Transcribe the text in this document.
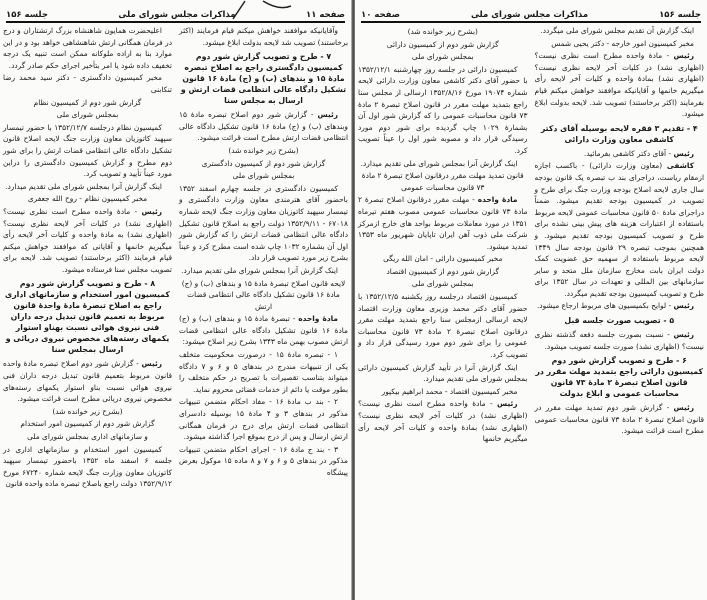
صفحه ۱۱
مذاکرات مجلس شورای ملی
جلسه ۱۵۶

وآقایانیکه موافقند خواهش میکنم قیام فرمایند (اکثر برخاستند) تصویب شد لایحه بدولت ابلاغ میشود.

۷ - طرح و تصویب گزارش شور دوم کمیسیون دادگستری راجع به اصلاح تبصره مادهٔ ۱۵ و بندهای (ب) و (ج) مادهٔ ۱۶ قانون تشکیل دادگاه عالی انتظامی قضات ارتش و ارسال به مجلس سنا

رئیس - گزارش شور دوم اصلاح تبصره مادهٔ ۱۵ وبندهای (ب) و (ج) مادهٔ ۱۶ قانون تشکیل دادگاه عالی انتظامی قضات ارتش مطرح است قرائت میشود.

(بشرح زیر خوانده شد)

گزارش شور دوم از کمیسیون دادگستری

بمجلس شورای ملی

کمیسیون دادگستری در جلسه چهارم اسفند ۱۳۵۲ باحضور آقای هترمندی معاون وزارت دادگستری و تیمسار سپهبد کاتوزیان معاون وزارت جنگ لایحه شماره ۶۷۰۱۸ - ۱۳۵۲/۹/۱۱ دولت راجع به اصلاح قانون تشکیل دادگاه عالی انتظامی قضات ارتش را که گزارش شور اول آن بشماره ۱۰۳۲ چاپ شده است مطرح کرد و عیناً بشرح زیر مورد تصویب قرار داد.

اینک گزارش آنرا بمجلس شورای ملی تقدیم میدارد.

لایحه قانون اصلاح تبصرهٔ مادهٔ ۱۵ و بندهای (ب) و (ج) مادهٔ ۱۶ قانون تشکیل دادگاه عالی انتظامی قضات ارتش

مادهٔ واحده - تبصرهٔ مادهٔ ۱۵ و بندهای (ب) و (ج) مادهٔ ۱۶ قانون تشکیل دادگاه عالی انتظامی قضات ارتش مصوب بهمن ماه ۱۳۴۳ بشرح زیر اصلاح میشود:

۱ - تبصره مادهٔ ۱۵ - درصورت محکومیت متخلف یکی از تنبیهات مندرج در بندهای ۵ و ۶ و ۷ دادگاه میتواند بتناسب تقصیرات با تصریح در حکم متخلف را بطور موقت یا دائم از خدمات قضائی محروم نماید.

۲ - بند ب مادهٔ ۱۶ - مفاد احکام متضمن تنبیهات مذکور در بندهای ۳ و ۴ مادهٔ ۱۵ بوسیله دادسرای انتظامی قضات ارتش برای درج در فرمان همگانی ارتش ارسال و پس از درج بموقع اجرا گذاشته میشود.

۳ - بند ج مادهٔ ۱۶ - اجرای احکام متضمن تنبیهات مذکور در بندهای ۵ و ۶ و ۷ و ۸ ماده ۱۵ موکول بعرض پیشگاه

اعلیحضرت همایون شاهنشاه بزرگ ارتشتاران و درج در فرمان همگانی ارتش شاهنشاهی خواهد بود و در این موارد بنا به اراده ملوکانه ممکن است تنبیه یک درجه تخفیف داده شود یا امر بتأخیر اجرای حکم صادر گردد.

مخبر کمیسیون دادگستری - دکتر سید محمد رضا تنکابنی

گزارش شور دوم از کمیسیون نظام

بمجلس شورای ملی

کمیسیون نظام درجلسه ۱۳۵۲/۱۲/۷ با حضور تیمسار سپهبد کاتوزیان معاون وزارت جنگ لایحه اصلاح قانون تشکیل دادگاه عالی انتظامی قضات ارتش را برای شور دوم مطرح و گزارش کمیسیون دادگستری را دراین مورد عیناً تأیید و تصویب کرد.

اینک گزارش آنرا بمجلس شورای ملی تقدیم میدارد.

مخبر کمیسیون نظام - روح الله جعفری

رئیس - مادهٔ واحده مطرح است نظری نیست؟ (اظهاری نشد) در کلیات آخر لایحه نظری نیست؟ (اظهاری نشد) به مادهٔ واحده و کلیات آخر لایحه رأی میگیریم خانمها و آقایانی که موافقند خواهش میکنم قیام فرمایند (اکثر برخاستند) تصویب شد. لایحه برای تصویب مجلس سنا فرستاده میشود.

۸ - طرح و تصویب گزارش شور دوم کمیسیون امور استخدام و سازمانهای اداری راجع به اصلاح تبصرهٔ مادهٔ واحدهٔ قانون مربوط به تعمیم قانون تبدیل درجه داران فنی نیروی هوائی نسبت بهناو استوار یکمهای رسته‌های مخصوص نیروی دریائی و ارسال بمجلس سنا

رئیس - گزارش شور دوم اصلاح تبصره مادهٔ واحده قانون مربوط بتعمیم قانون تبدیل درجه داران فنی نیروی هوائی نسبت بناو استوار یکمهای رسته‌های مخصوص نیروی دریائی مطرح است قرائت میشود.

(بشرح زیر خوانده شد)

گزارش شور دوم از کمیسیون امور استخدام

و سازمانهای اداری بمجلس شورای ملی

کمیسیون امور استخدام و سازمانهای اداری در جلسه ۶ اسفند ماه ۱۳۵۲ باحضور تیمسار سپهبد کاتوزیان معاون وزارت جنگ لایحه شماره ۶۷۲۴۰ مورخ ۱۳۵۲/۹/۱۲ دولت راجع باصلاح تبصره ماده واحده قانون

صفحه ۱۰	مذاکرات مجلس شورای ملی	جلسه ۱۵۶

اینک گزارش آن تقدیم مجلس شورای ملی میگردد.

مخبر کمیسیون امور خارجه - دکتر یحیی شمس

رئیس - مادهٔ واحده مطرح است نظری نیست؟ (اظهاری نشد) در کلیات آخر لایحه نظری نیست؟ (اظهاری نشد) بمادهٔ واحده و کلیات آخر لایحه رأی میگیریم خانمها و آقایانیکه موافقند خواهش میکنم قیام بفرمایند (اکثر برخاستند) تصویب شد. لایحه بدولت ابلاغ میشود.

۴ - تقدیم ۳ فقره لایحه بوسیله آقای دکتر کاشفی معاون وزارت دارائی

رئیس - آقای دکتر کاشفی بفرمائید.

کاشفی (معاون وزارت دارائی) - باکسب اجازه ازمقام ریاست، دراجرای بند ب تبصره یک قانون بودجه سال جاری لایحه اصلاح بودجه وزارت جنگ برای طرح و تصویب در کمیسیون بودجه تقدیم میشود. ضمناً دراجرای مادهٔ ۵۰ قانون محاسبات عمومی لایحه مربوط باستفاده از اعتبارات هزینه های پیش بینی نشده برای طرح و تصویب کمیسیون بودجه تقدیم میشود. و همچنین بموجب تبصره ۲۹ قانون بودجه سال ۱۳۴۹ لایحه مربوط باستفاده از سهمیه حق عضویت کمک دولت ایران بابت مخارج سازمان ملل متحد و سایر سازمانهای بین المللی و تعهدات در سال ۱۳۵۲ برای طرح و تصویب کمیسیون بودجه تقدیم میگردد.

رئیس - لوایح بکمیسیون های مربوط ارجاع میشود.

۵ - تصویب صورت جلسه قبل

رئیس - نسبت بصورت جلسه دفعه گذشته نظری نیست؟ (اظهاری نشد) صورت جلسه تصویب میشود.

۶ - طرح و تصویب گزارش شور دوم کمیسیون دارائی راجع بتمدید مهلت مقرر در قانون اصلاح تبصرهٔ ۲ مادهٔ ۷۳ قانون محاسبات عمومی و ابلاغ بدولت

رئیس - گزارش شور دوم تمدید مهلت مقرر در قانون اصلاح تبصرهٔ ۲ مادهٔ ۷۳ قانون محاسبات عمومی مطرح است قرائت میشود.

(بشرح زیر خوانده شد)

گزارش شور دوم از کمیسیون دارائی

بمجلس شورای ملی

کمیسیون دارائی در جلسه روز چهارشنبه ۱۳۵۲/۱۲/۱ با حضور آقای دکتر کاشفی معاون وزارت دارائی لایحه شماره ۱۹۰۷۴ مورخ ۱۳۵۲/۸/۱۶ ارسالی از مجلس سنا راجع بتمدید مهلت مقرر در قانون اصلاح تبصرهٔ ۲ مادهٔ ۷۳ قانون محاسبات عمومی را که گزارش شور اول آن بشمارهٔ ۱۰۲۹ چاپ گردیده برای شور دوم مورد رسیدگی قرار داد و مصوبه شور اول را عیناً تصویب کرد.

اینک گزارش آنرا بمجلس شورای ملی تقدیم میدارد.

قانون تمدید مهلت مقرر درقانون اصلاح تبصرهٔ ۲ مادهٔ ۷۳ قانون محاسبات عمومی

مادهٔ واحده - مهلت مقرر درقانون اصلاح تبصرهٔ ۲ مادهٔ ۷۳ قانون محاسبات عمومی مصوب هفتم تیرماه ۱۳۵۱ در مورد معاملات مربوط بواحد های خارج ازمرکز شرکت ملی ذوب آهن ایران تاپایان شهریور ماه ۱۳۵۳ تمدید میشود.

مخبر کمیسیون دارائی - امان الله ریگی

گزارش شور دوم از کمیسیون اقتصاد

بمجلس شورای ملی

کمیسیون اقتصاد درجلسه روز یکشنبه ۱۳۵۲/۱۲/۵ با حضور آقای دکتر محمد وزیری معاون وزارت اقتصاد لایحه ارسالی ازمجلس سنا راجع بتمدید مهلت مقرر درقانون اصلاح تبصرهٔ ۲ مادهٔ ۷۳ قانون محاسبات عمومی را برای شور دوم مورد رسیدگی قرار داد و تصویب کرد.

اینک گزارش آنرا در تأیید گزارش کمیسیون دارائی بمجلس شورای ملی تقدیم میدارد.

مخبر کمیسیون اقتصاد - محمد ابراهیم بیکپور

رئیس - مادهٔ واحده مطرح است نظری نیست؟ (اظهاری نشد) در کلیات آخر لایحه نظری نیست؟ (اظهاری نشد) بمادهٔ واحده و کلیات آخر لایحه رأی میگیریم خانمها
